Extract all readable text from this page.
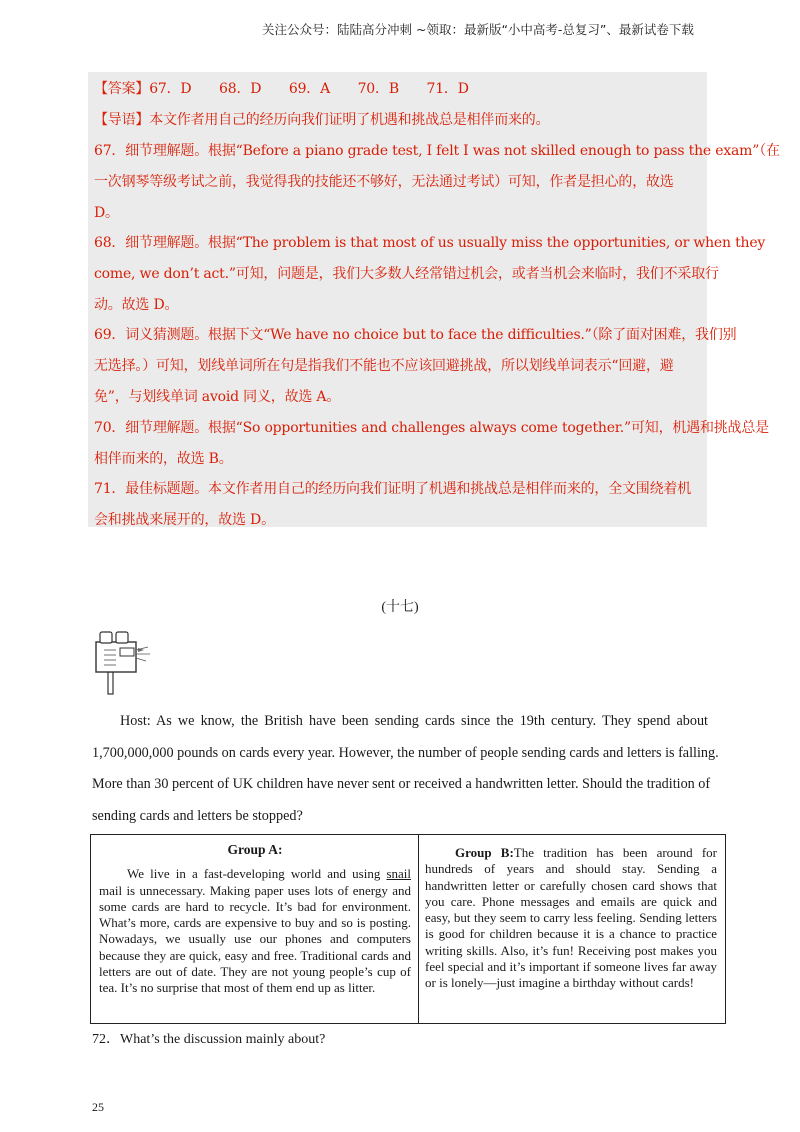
关注公众号：陆陆高分冲刺 ~领取：最新版“小中高考-总复习”、最新试卷下载
【答案】67．D　　68．D　　69．A　　70．B　　71．D
【导语】本文作者用自己的经历向我们证明了机遇和挑战总是相伴而来的。
67．细节理解题。根据“Before a piano grade test, I felt I was not skilled enough to pass the exam”（在
一次钢琴等级考试之前，我觉得我的技能还不够好，无法通过考试）可知，作者是担心的，故选
D。
68．细节理解题。根据“The problem is that most of us usually miss the opportunities, or when they
come, we don’t act.”可知，问题是，我们大多数人经常错过机会，或者当机会来临时，我们不采取行
动。故选 D。
69．词义猜测题。根据下文“We have no choice but to face the difficulties.”（除了面对困难，我们别
无选择。）可知，划线单词所在句是指我们不能也不应该回避挑战，所以划线单词表示“回避，避
免”，与划线单词 avoid 同义，故选 A。
70．细节理解题。根据“So opportunities and challenges always come together.”可知，机遇和挑战总是
相伴而来的，故选 B。
71．最佳标题题。本文作者用自己的经历向我们证明了机遇和挑战总是相伴而来的，全文围绕着机
会和挑战来展开的，故选 D。
(十七)
Host: As we know, the British have been sending cards since the 19th century. They spend about
1,700,000,000 pounds on cards every year. However, the number of people sending cards and letters is falling.
More than 30 percent of UK children have never sent or received a handwritten letter. Should the tradition of
sending cards and letters be stopped?
Group A:
We live in a fast-developing world and using snail mail is unnecessary. Making paper uses lots of energy and some cards are hard to recycle. It’s bad for environment. What’s more, cards are expensive to buy and so is posting. Nowadays, we usually use our phones and computers because they are quick, easy and free. Traditional cards and letters are out of date. They are not young people’s cup of tea. It’s no surprise that most of them end up as litter.
Group B:The tradition has been around for hundreds of years and should stay. Sending a handwritten letter or carefully chosen card shows that you care. Phone messages and emails are quick and easy, but they seem to carry less feeling. Sending letters is good for children because it is a chance to practice writing skills. Also, it’s fun! Receiving post makes you feel special and it’s important if someone lives far away or is lonely—just imagine a birthday without cards!
72．What’s the discussion mainly about?
25
